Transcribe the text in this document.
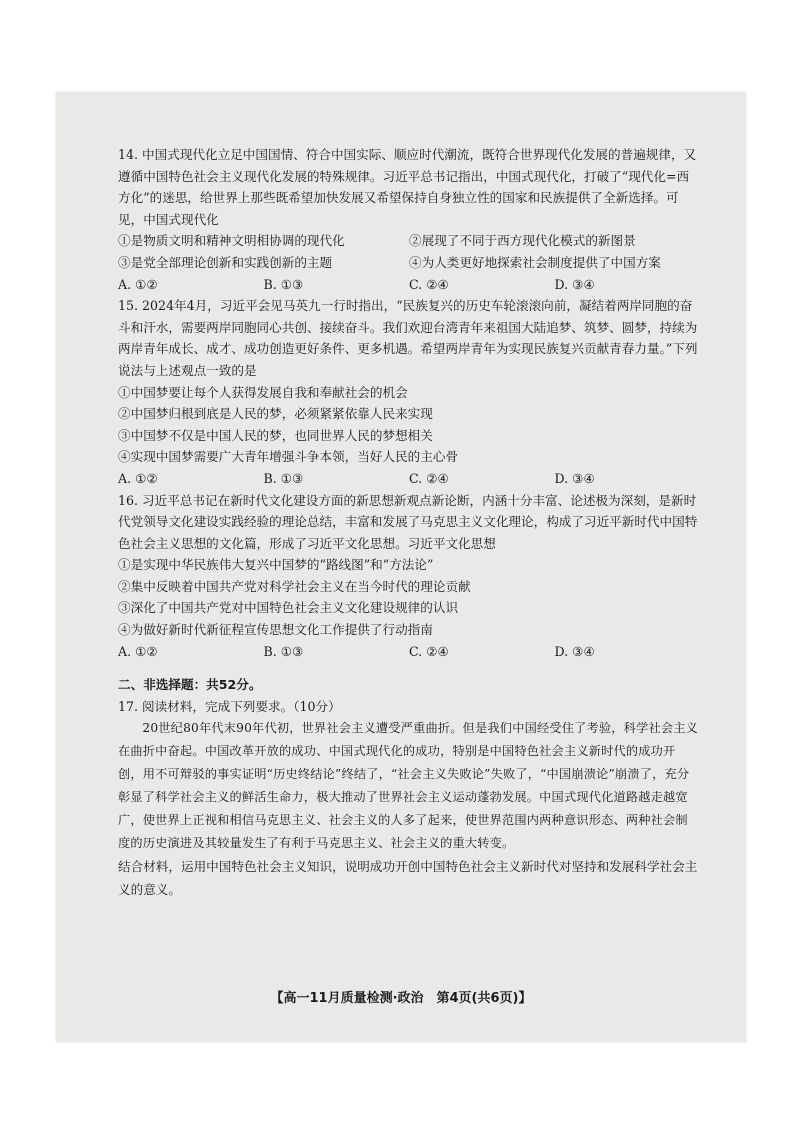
14. 中国式现代化立足中国国情、符合中国实际、顺应时代潮流，既符合世界现代化发展的普遍规律，又遵循中国特色社会主义现代化发展的特殊规律。习近平总书记指出，中国式现代化，打破了“现代化=西方化”的迷思，给世界上那些既希望加快发展又希望保持自身独立性的国家和民族提供了全新选择。可见，中国式现代化

①是物质文明和精神文明相协调的现代化	②展现了不同于西方现代化模式的新图景
③是党全部理论创新和实践创新的主题	④为人类更好地探索社会制度提供了中国方案
A. ①②	B. ①③	C. ②④	D. ③④

15. 2024年4月，习近平会见马英九一行时指出，“民族复兴的历史车轮滚滚向前，凝结着两岸同胞的奋斗和汗水，需要两岸同胞同心共创、接续奋斗。我们欢迎台湾青年来祖国大陆追梦、筑梦、圆梦，持续为两岸青年成长、成才、成功创造更好条件、更多机遇。希望两岸青年为实现民族复兴贡献青春力量。”下列说法与上述观点一致的是

①中国梦要让每个人获得发展自我和奉献社会的机会

②中国梦归根到底是人民的梦，必须紧紧依靠人民来实现

③中国梦不仅是中国人民的梦，也同世界人民的梦想相关

④实现中国梦需要广大青年增强斗争本领，当好人民的主心骨

A. ①②	B. ①③	C. ②④	D. ③④

16. 习近平总书记在新时代文化建设方面的新思想新观点新论断，内涵十分丰富、论述极为深刻，是新时代党领导文化建设实践经验的理论总结，丰富和发展了马克思主义文化理论，构成了习近平新时代中国特色社会主义思想的文化篇，形成了习近平文化思想。习近平文化思想

①是实现中华民族伟大复兴中国梦的“路线图”和“方法论”

②集中反映着中国共产党对科学社会主义在当今时代的理论贡献

③深化了中国共产党对中国特色社会主义文化建设规律的认识

④为做好新时代新征程宣传思想文化工作提供了行动指南

A. ①②	B. ①③	C. ②④	D. ③④
二、非选择题：共52分。

17. 阅读材料，完成下列要求。（10分）

20世纪80年代末90年代初，世界社会主义遭受严重曲折。但是我们中国经受住了考验，科学社会主义在曲折中奋起。中国改革开放的成功、中国式现代化的成功，特别是中国特色社会主义新时代的成功开创，用不可辩驳的事实证明“历史终结论”终结了，“社会主义失败论”失败了，“中国崩溃论”崩溃了，充分彰显了科学社会主义的鲜活生命力，极大推动了世界社会主义运动蓬勃发展。中国式现代化道路越走越宽广，使世界上正视和相信马克思主义、社会主义的人多了起来，使世界范围内两种意识形态、两种社会制度的历史演进及其较量发生了有利于马克思主义、社会主义的重大转变。

结合材料，运用中国特色社会主义知识，说明成功开创中国特色社会主义新时代对坚持和发展科学社会主义的意义。

【高一11月质量检测·政治　第4页(共6页)】
